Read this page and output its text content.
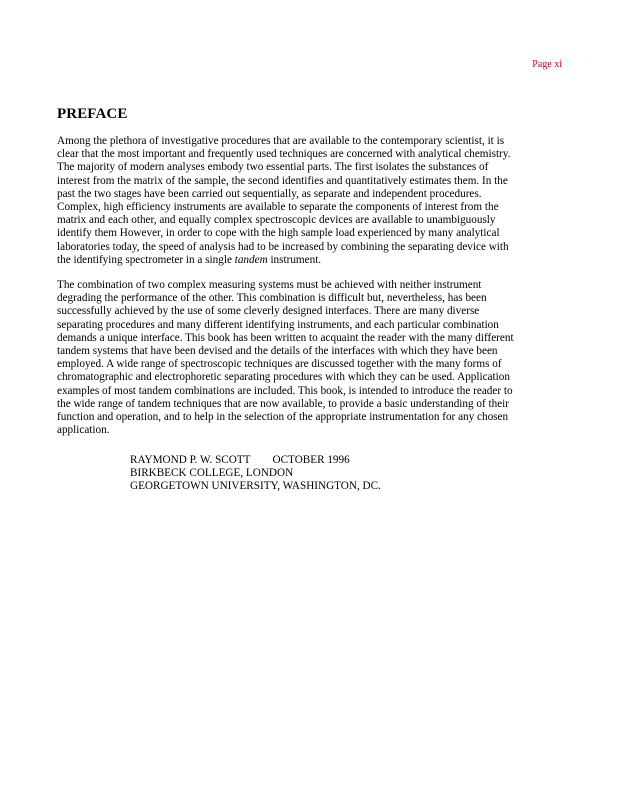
Page xi
PREFACE

Among the plethora of investigative procedures that are available to the contemporary scientist, it is
clear that the most important and frequently used techniques are concerned with analytical chemistry.
The majority of modern analyses embody two essential parts. The first isolates the substances of
interest from the matrix of the sample, the second identifies and quantitatively estimates them. In the
past the two stages have been carried out sequentially, as separate and independent procedures.
Complex, high efficiency instruments are available to separate the components of interest from the
matrix and each other, and equally complex spectroscopic devices are available to unambiguously
identify them However, in order to cope with the high sample load experienced by many analytical
laboratories today, the speed of analysis had to be increased by combining the separating device with
the identifying spectrometer in a single tandem instrument.

The combination of two complex measuring systems must be achieved with neither instrument
degrading the performance of the other. This combination is difficult but, nevertheless, has been
successfully achieved by the use of some cleverly designed interfaces. There are many diverse
separating procedures and many different identifying instruments, and each particular combination
demands a unique interface. This book has been written to acquaint the reader with the many different
tandem systems that have been devised and the details of the interfaces with which they have been
employed. A wide range of spectroscopic techniques are discussed together with the many forms of
chromatographic and electrophoretic separating procedures with which they can be used. Application
examples of most tandem combinations are included. This book, is intended to introduce the reader to
the wide range of tandem techniques that are now available, to provide a basic understanding of their
function and operation, and to help in the selection of the appropriate instrumentation for any chosen
application.

RAYMOND P. W. SCOTT OCTOBER 1996
BIRKBECK COLLEGE, LONDON
GEORGETOWN UNIVERSITY, WASHINGTON, DC.
